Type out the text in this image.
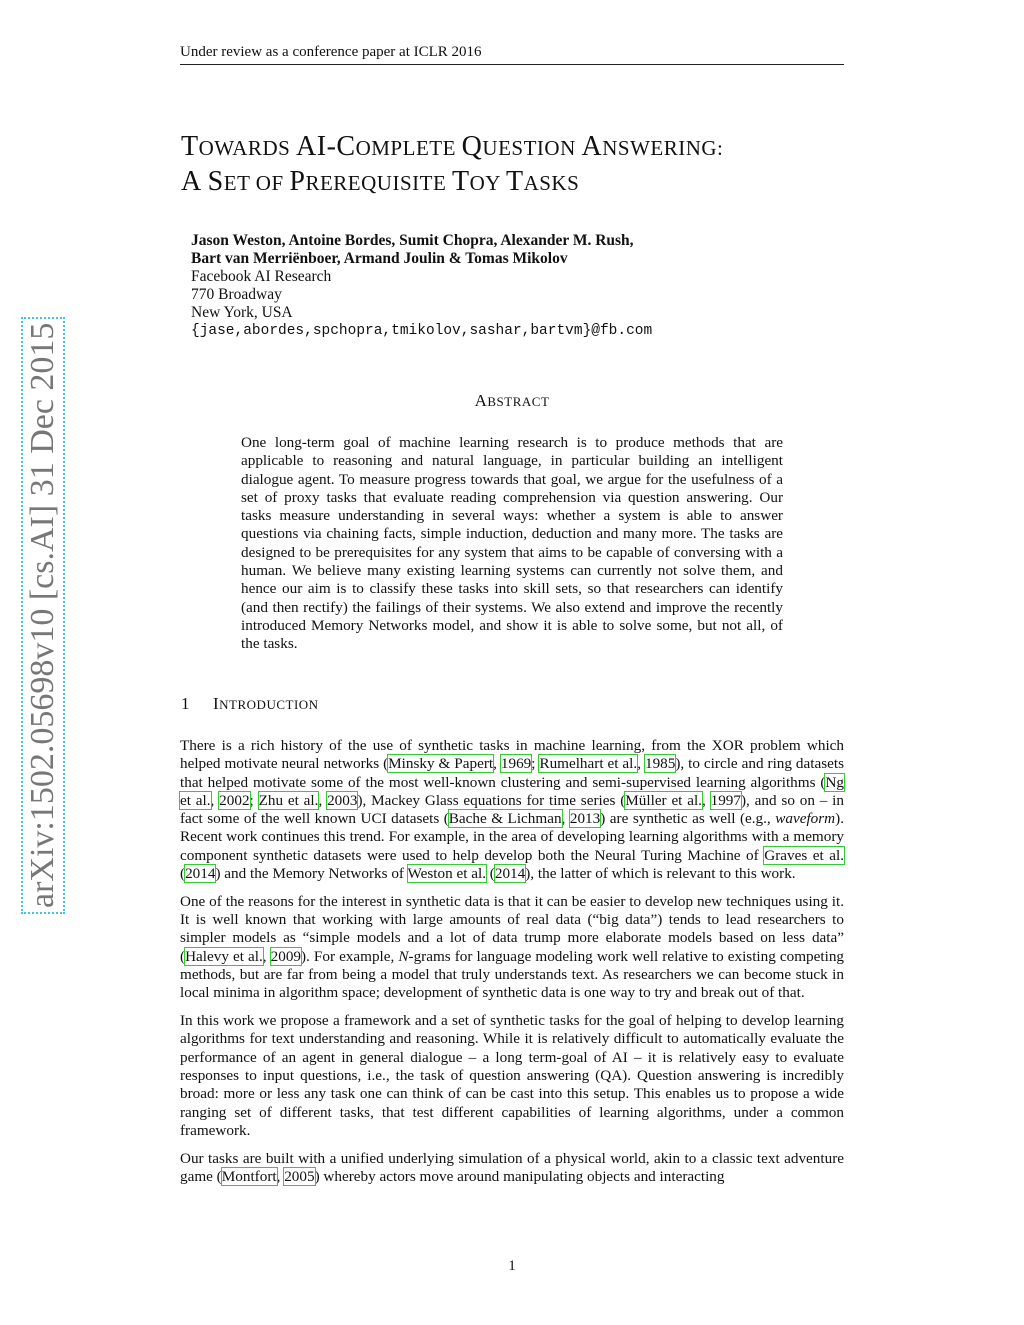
Under review as a conference paper at ICLR 2016
arXiv:1502.05698v10 [cs.AI] 31 Dec 2015
TOWARDS AI-COMPLETE QUESTION ANSWERING:
A SET OF PREREQUISITE TOY TASKS
Jason Weston, Antoine Bordes, Sumit Chopra, Alexander M. Rush,
Bart van Merriënboer, Armand Joulin & Tomas Mikolov
Facebook AI Research
770 Broadway
New York, USA
{jase,abordes,spchopra,tmikolov,sashar,bartvm}@fb.com
ABSTRACT
One long-term goal of machine learning research is to produce methods that are applicable to reasoning and natural language, in particular building an intelligent dialogue agent. To measure progress towards that goal, we argue for the usefulness of a set of proxy tasks that evaluate reading comprehension via question answering. Our tasks measure understanding in several ways: whether a system is able to answer questions via chaining facts, simple induction, deduction and many more. The tasks are designed to be prerequisites for any system that aims to be capable of conversing with a human. We believe many existing learning systems can currently not solve them, and hence our aim is to classify these tasks into skill sets, so that researchers can identify (and then rectify) the failings of their systems. We also extend and improve the recently introduced Memory Networks model, and show it is able to solve some, but not all, of the tasks.
1 INTRODUCTION

There is a rich history of the use of synthetic tasks in machine learning, from the XOR problem which helped motivate neural networks (Minsky & Papert, 1969; Rumelhart et al., 1985), to circle and ring datasets that helped motivate some of the most well-known clustering and semi-supervised learning algorithms (Ng et al., 2002; Zhu et al., 2003), Mackey Glass equations for time series (Müller et al., 1997), and so on – in fact some of the well known UCI datasets (Bache & Lichman, 2013) are synthetic as well (e.g., waveform). Recent work continues this trend. For example, in the area of developing learning algorithms with a memory component synthetic datasets were used to help develop both the Neural Turing Machine of Graves et al. (2014) and the Memory Networks of Weston et al. (2014), the latter of which is relevant to this work.

One of the reasons for the interest in synthetic data is that it can be easier to develop new techniques using it. It is well known that working with large amounts of real data (“big data”) tends to lead researchers to simpler models as “simple models and a lot of data trump more elaborate models based on less data” (Halevy et al., 2009). For example, N-grams for language modeling work well relative to existing competing methods, but are far from being a model that truly understands text. As researchers we can become stuck in local minima in algorithm space; development of synthetic data is one way to try and break out of that.

In this work we propose a framework and a set of synthetic tasks for the goal of helping to develop learning algorithms for text understanding and reasoning. While it is relatively difficult to automatically evaluate the performance of an agent in general dialogue – a long term-goal of AI – it is relatively easy to evaluate responses to input questions, i.e., the task of question answering (QA). Question answering is incredibly broad: more or less any task one can think of can be cast into this setup. This enables us to propose a wide ranging set of different tasks, that test different capabilities of learning algorithms, under a common framework.

Our tasks are built with a unified underlying simulation of a physical world, akin to a classic text adventure game (Montfort, 2005) whereby actors move around manipulating objects and interacting

1
